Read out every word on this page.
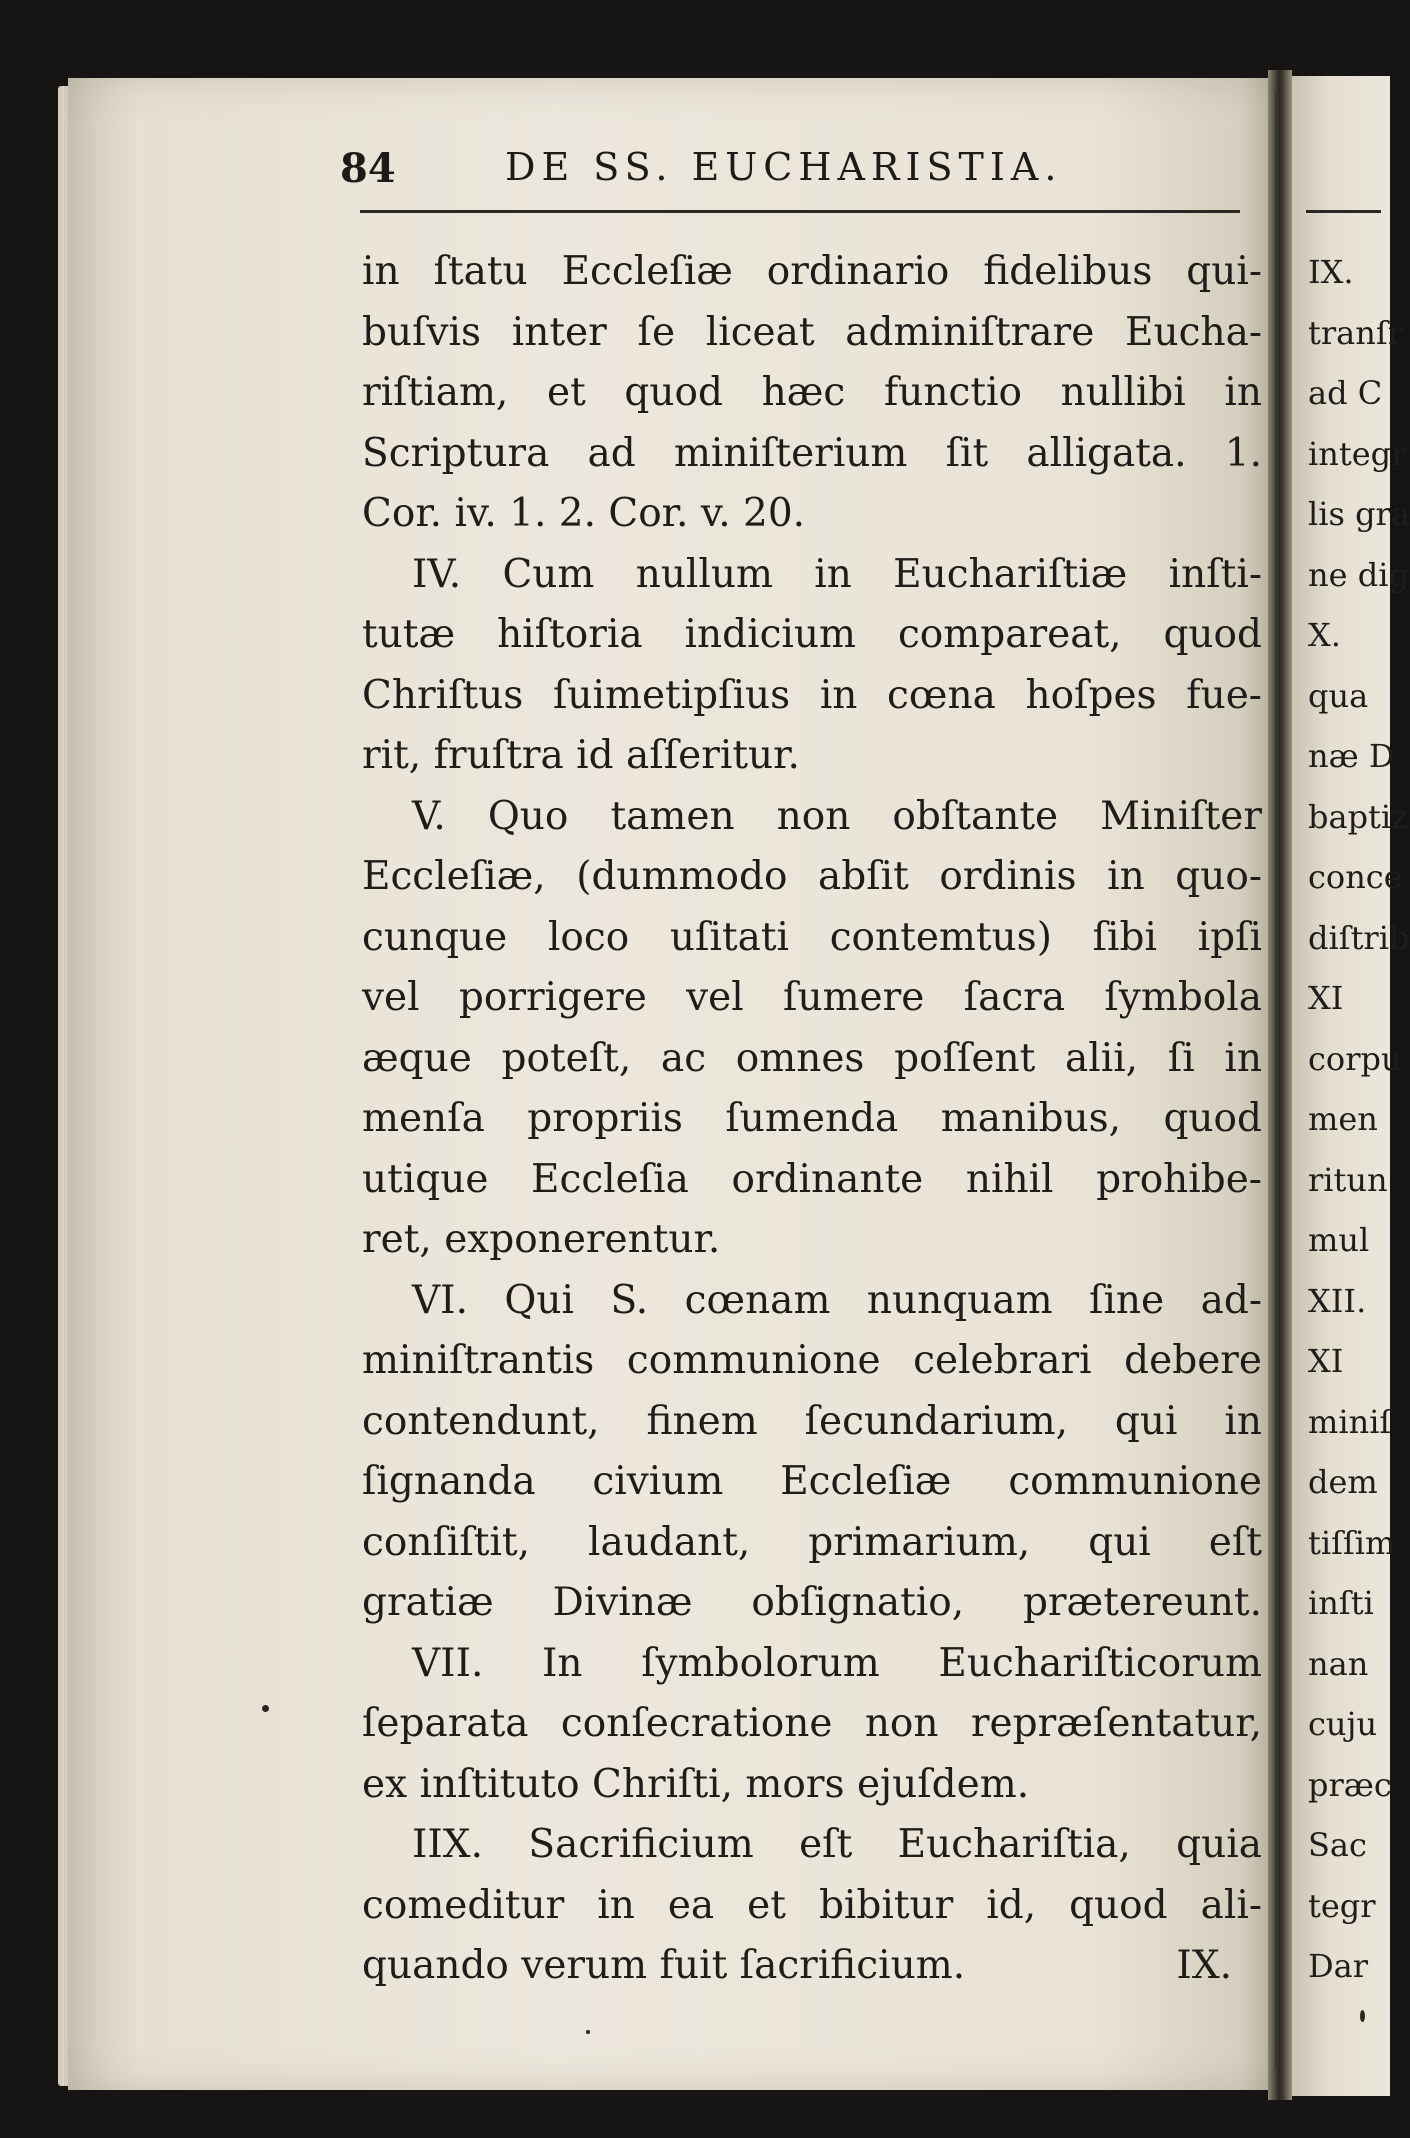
84	DE SS. EUCHARISTIA.
in ſtatu Eccleſiæ ordinario fidelibus qui-
buſvis inter ſe liceat adminiſtrare Eucha-
riſtiam, et quod hæc functio nullibi in
Scriptura ad miniſterium ſit alligata. 1.
Cor. iv. 1. 2. Cor. v. 20.
IV. Cum nullum in Euchariſtiæ inſti-
tutæ hiſtoria indicium compareat, quod
Chriſtus ſuimetipſius in cœna hoſpes fue-
rit, fruſtra id aſſeritur.
V. Quo tamen non obſtante Miniſter
Eccleſiæ, (dummodo abſit ordinis in quo-
cunque loco uſitati contemtus) ſibi ipſi
vel porrigere vel ſumere ſacra ſymbola
æque poteſt, ac omnes poſſent alii, ſi in
menſa propriis ſumenda manibus, quod
utique Eccleſia ordinante nihil prohibe-
ret, exponerentur.
VI. Qui S. cœnam nunquam ſine ad-
miniſtrantis communione celebrari debere
contendunt, finem ſecundarium, qui in
ſignanda civium Eccleſiæ communione
conſiſtit, laudant, primarium, qui eſt
gratiæ Divinæ obſignatio, prætereunt.
VII. In ſymbolorum Euchariſticorum
ſeparata conſecratione non repræſentatur,
ex inſtituto Chriſti, mors ejuſdem.
IIX. Sacrificium eſt Euchariſtia, quia
comeditur in ea et bibitur id, quod ali-
quando verum fuit ſacrificium.	IX.
IX.
tranſr
ad C
integr
lis gra
ne dig
X.
qua
næ D
baptiz
conce
diſtrib
XI
corpu
men
ritun
mul
XII.
XI
miniſ
dem
tiſſim
inſti
nan
cuju
præc
Sac
tegr
Dar
